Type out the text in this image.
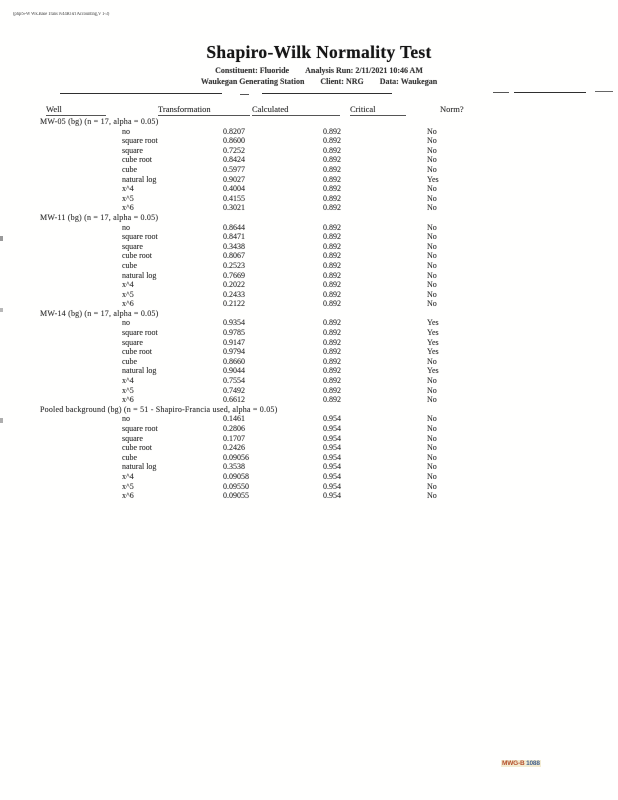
(php/S-W Wk.Base Trans rv44Rl srl Accounting,V 1-3)
Shapiro-Wilk Normality Test
Constituent: Fluoride Analysis Run: 2/11/2021 10:46 AM
Waukegan Generating Station Client: NRG Data: Waukegan
Well	Transformation	Calculated	Critical	Norm?
MW-05 (bg) (n = 17, alpha = 0.05)
no	0.8207	0.892	No
square root	0.8600	0.892	No
square	0.7252	0.892	No
cube root	0.8424	0.892	No
cube	0.5977	0.892	No
natural log	0.9027	0.892	Yes
x^4	0.4004	0.892	No
x^5	0.4155	0.892	No
x^6	0.3021	0.892	No
MW-11 (bg) (n = 17, alpha = 0.05)
no	0.8644	0.892	No
square root	0.8471	0.892	No
square	0.3438	0.892	No
cube root	0.8067	0.892	No
cube	0.2523	0.892	No
natural log	0.7669	0.892	No
x^4	0.2022	0.892	No
x^5	0.2433	0.892	No
x^6	0.2122	0.892	No
MW-14 (bg) (n = 17, alpha = 0.05)
no	0.9354	0.892	Yes
square root	0.9785	0.892	Yes
square	0.9147	0.892	Yes
cube root	0.9794	0.892	Yes
cube	0.8660	0.892	No
natural log	0.9044	0.892	Yes
x^4	0.7554	0.892	No
x^5	0.7492	0.892	No
x^6	0.6612	0.892	No
Pooled background (bg) (n = 51 - Shapiro-Francia used, alpha = 0.05)
no	0.1461	0.954	No
square root	0.2806	0.954	No
square	0.1707	0.954	No
cube root	0.2426	0.954	No
cube	0.09056	0.954	No
natural log	0.3538	0.954	No
x^4	0.09058	0.954	No
x^5	0.09550	0.954	No
x^6	0.09055	0.954	No
MWG-B 1088
